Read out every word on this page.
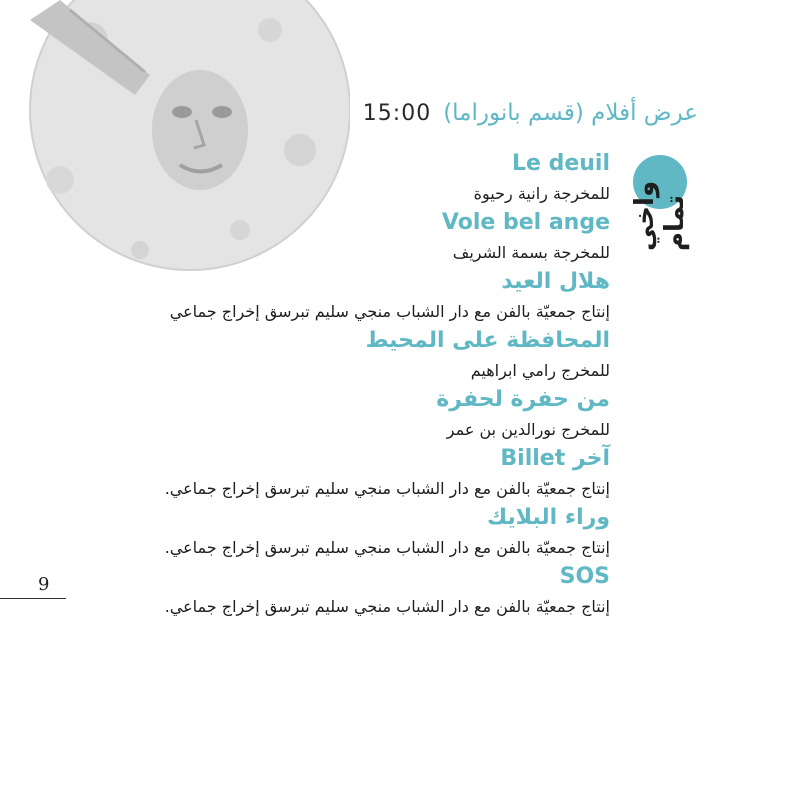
15:00 عرض أفلام (قسم بانوراما)
واخي تمام
Le deuil
للمخرجة رانية رحيوة
Vole bel ange
للمخرجة بسمة الشريف
هلال العيد
إنتاج جمعيّة بالفن مع دار الشباب منجي سليم تبرسق إخراج جماعي
المحافظة على المحيط
للمخرج رامي ابراهيم
من حفرة لحفرة
للمخرج نورالدين بن عمر
آخر Billet
إنتاج جمعيّة بالفن مع دار الشباب منجي سليم تبرسق إخراج جماعي.
وراء البلايك
إنتاج جمعيّة بالفن مع دار الشباب منجي سليم تبرسق إخراج جماعي.
SOS
إنتاج جمعيّة بالفن مع دار الشباب منجي سليم تبرسق إخراج جماعي.
9
